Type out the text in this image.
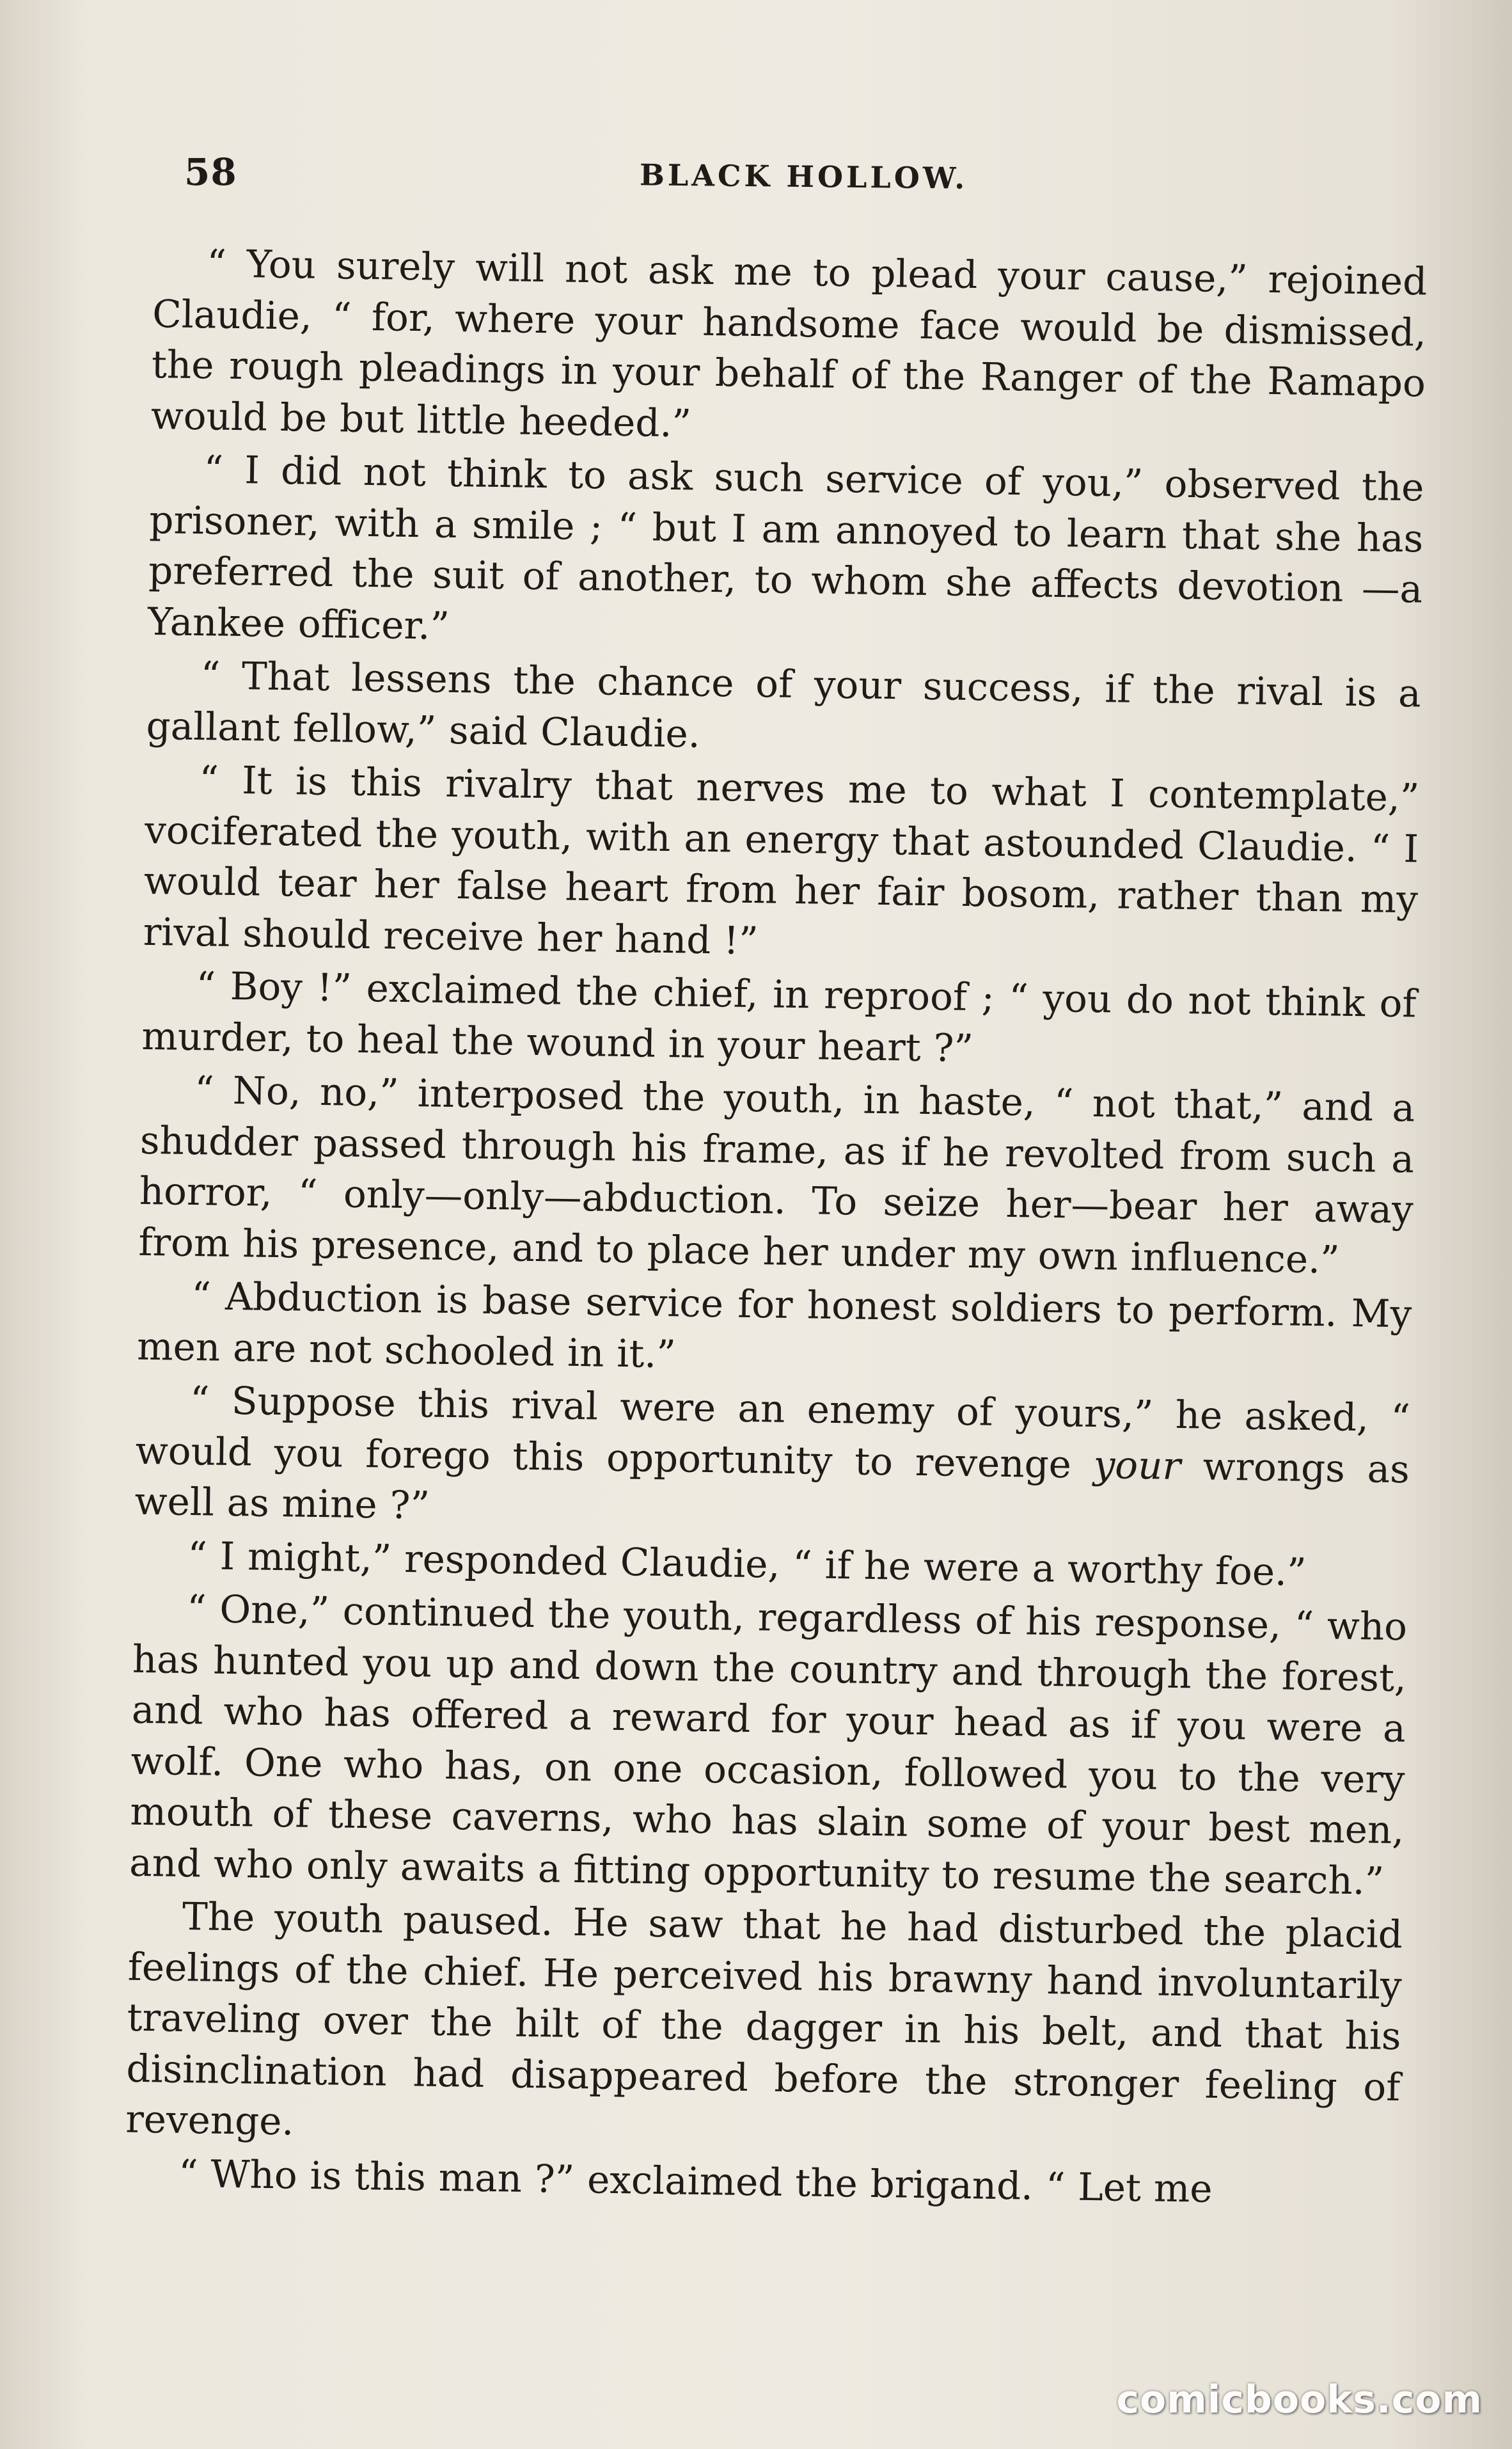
58	BLACK HOLLOW.

“ You surely will not ask me to plead your cause,” rejoined Claudie, “ for, where your handsome face would be dismissed, the rough pleadings in your behalf of the Ranger of the Ramapo would be but little heeded.”

“ I did not think to ask such service of you,” observed the prisoner, with a smile ; “ but I am annoyed to learn that she has preferred the suit of another, to whom she affects devotion —a Yankee officer.”

“ That lessens the chance of your success, if the rival is a gallant fellow,” said Claudie.

“ It is this rivalry that nerves me to what I contemplate,” vociferated the youth, with an energy that astounded Claudie. “ I would tear her false heart from her fair bosom, rather than my rival should receive her hand !”

“ Boy !” exclaimed the chief, in reproof ; “ you do not think of murder, to heal the wound in your heart ?”

“ No, no,” interposed the youth, in haste, “ not that,” and a shudder passed through his frame, as if he revolted from such a horror, “ only—only—abduction. To seize her—bear her away from his presence, and to place her under my own influence.”

“ Abduction is base service for honest soldiers to perform. My men are not schooled in it.”

“ Suppose this rival were an enemy of yours,” he asked, “ would you forego this opportunity to revenge your wrongs as well as mine ?”

“ I might,” responded Claudie, “ if he were a worthy foe.”

“ One,” continued the youth, regardless of his response, “ who has hunted you up and down the country and through the forest, and who has offered a reward for your head as if you were a wolf. One who has, on one occasion, followed you to the very mouth of these caverns, who has slain some of your best men, and who only awaits a fitting opportunity to resume the search.”

The youth paused. He saw that he had disturbed the placid feelings of the chief. He perceived his brawny hand involuntarily traveling over the hilt of the dagger in his belt, and that his disinclination had disappeared before the stronger feeling of revenge.

“ Who is this man ?” exclaimed the brigand. “ Let me

comicbooks.com
